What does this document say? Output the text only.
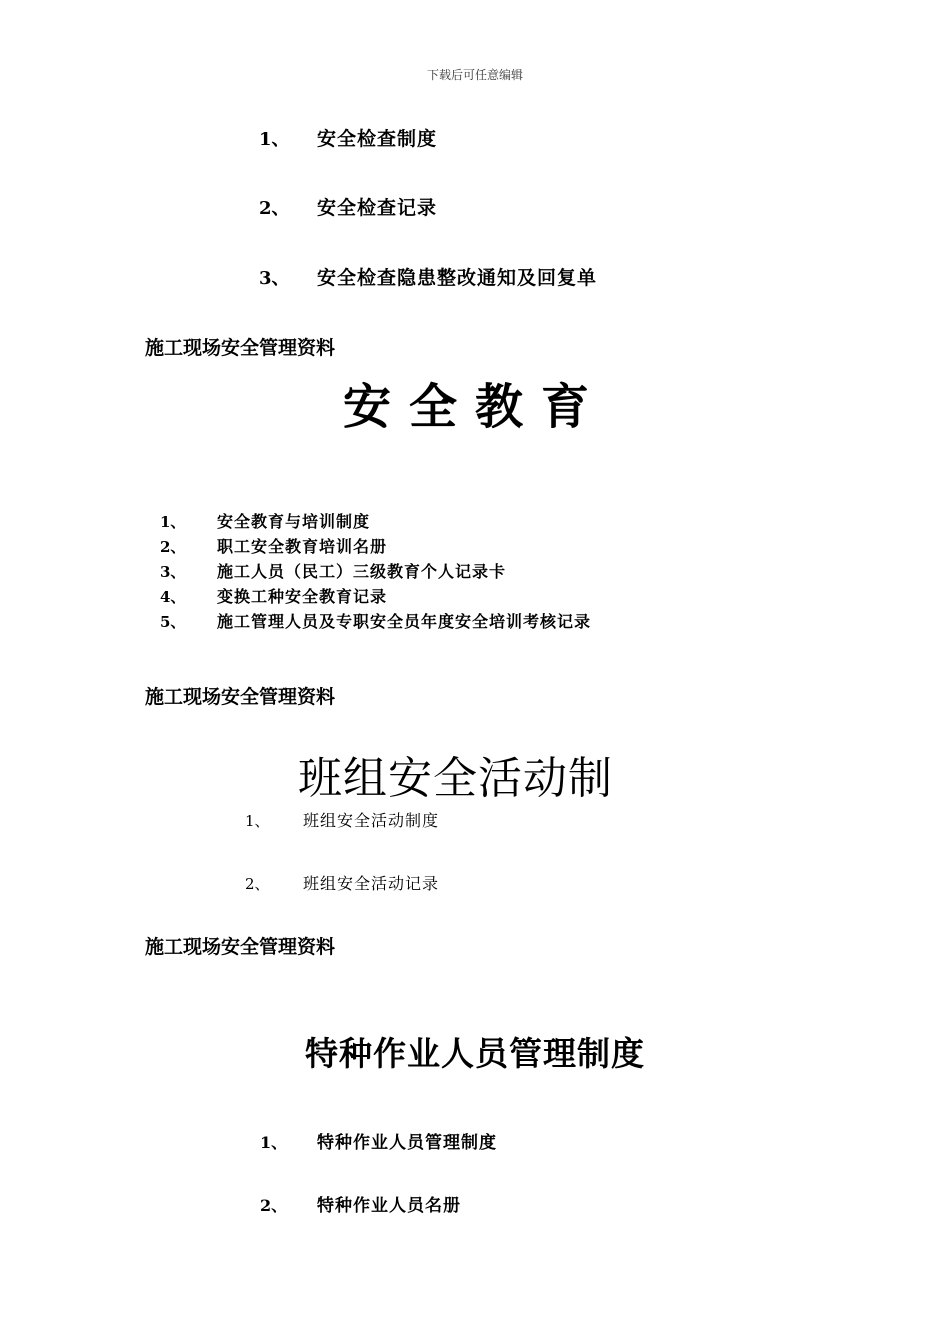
下载后可任意编辑
1、	安全检查制度
2、	安全检查记录
3、	安全检查隐患整改通知及回复单
施工现场安全管理资料
安全教育
1、	安全教育与培训制度
2、	职工安全教育培训名册
3、	施工人员（民工）三级教育个人记录卡
4、	变换工种安全教育记录
5、	施工管理人员及专职安全员年度安全培训考核记录
施工现场安全管理资料
班组安全活动制
1、	班组安全活动制度
2、	班组安全活动记录
施工现场安全管理资料
特种作业人员管理制度
1、	特种作业人员管理制度
2、	特种作业人员名册
